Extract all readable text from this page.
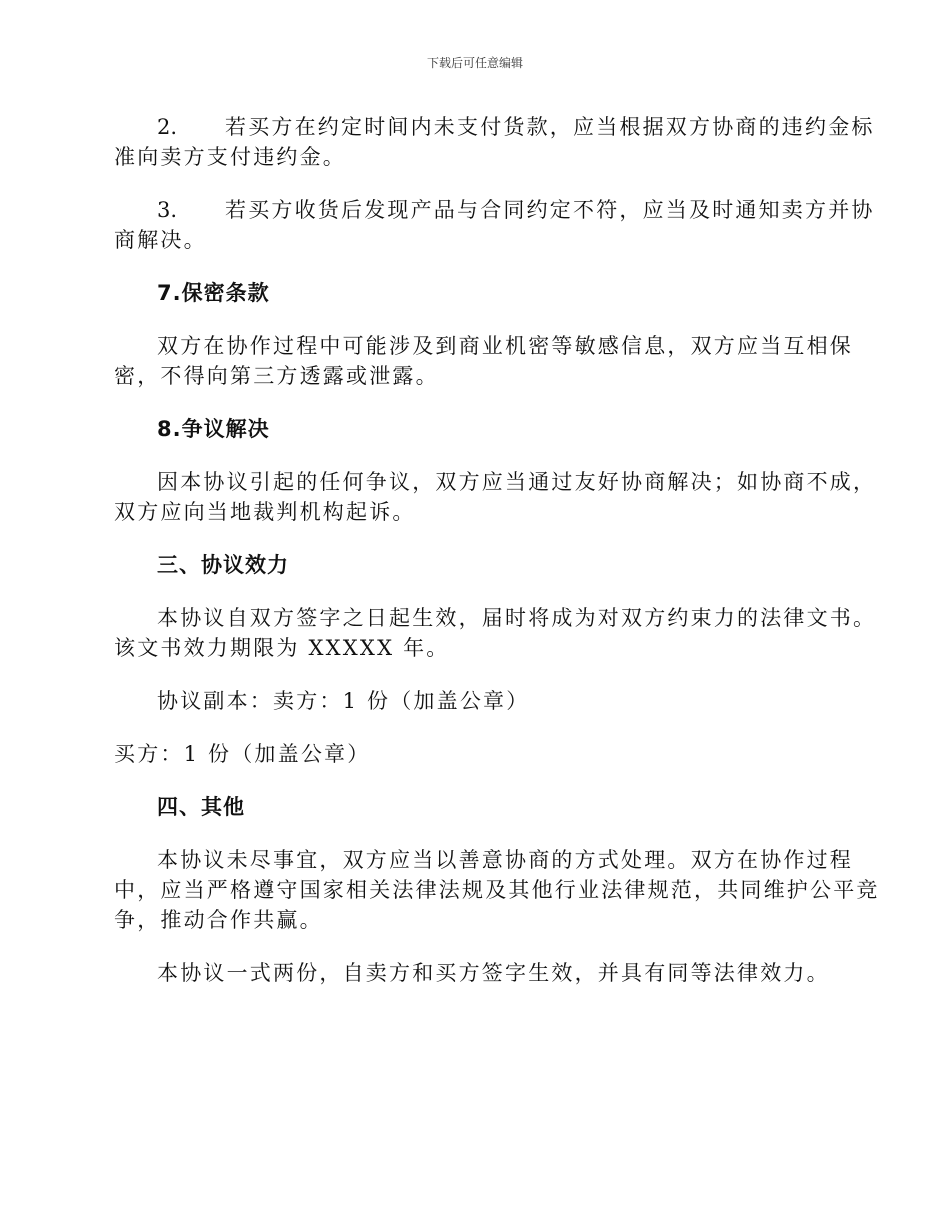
下载后可任意编辑
2. 若买方在约定时间内未支付货款，应当根据双方协商的违约金标
准向卖方支付违约金。
3. 若买方收货后发现产品与合同约定不符，应当及时通知卖方并协
商解决。
7.保密条款
双方在协作过程中可能涉及到商业机密等敏感信息，双方应当互相保
密，不得向第三方透露或泄露。
8.争议解决
因本协议引起的任何争议，双方应当通过友好协商解决；如协商不成，
双方应向当地裁判机构起诉。
三、协议效力
本协议自双方签字之日起生效，届时将成为对双方约束力的法律文书。
该文书效力期限为 XXXXX 年。
协议副本：卖方：1 份（加盖公章）
买方：1 份（加盖公章）
四、其他
本协议未尽事宜，双方应当以善意协商的方式处理。双方在协作过程
中，应当严格遵守国家相关法律法规及其他行业法律规范，共同维护公平竞
争，推动合作共赢。
本协议一式两份，自卖方和买方签字生效，并具有同等法律效力。
